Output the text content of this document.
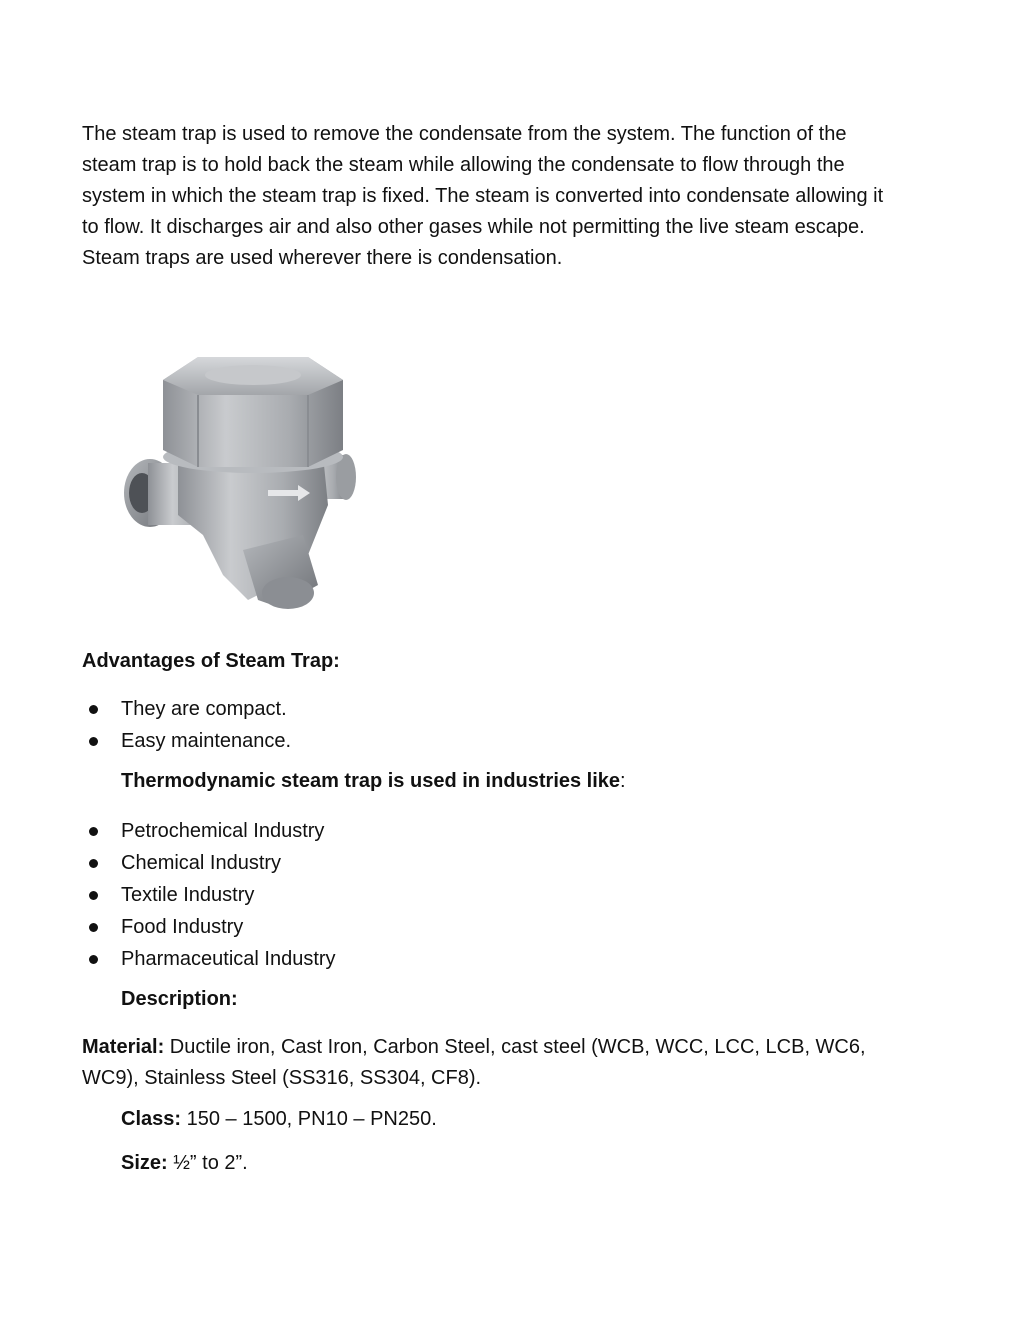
The steam trap is used to remove the condensate from the system. The function of the steam trap is to hold back the steam while allowing the condensate to flow through the system in which the steam trap is fixed. The steam is converted into condensate allowing it to flow. It discharges air and also other gases while not permitting the live steam escape. Steam traps are used wherever there is condensation.

Advantages of Steam Trap:

They are compact.
Easy maintenance.

Thermodynamic steam trap is used in industries like:

Petrochemical Industry
Chemical Industry
Textile Industry
Food Industry
Pharmaceutical Industry

Description:

Material: Ductile iron, Cast Iron, Carbon Steel, cast steel (WCB, WCC, LCC, LCB, WC6, WC9), Stainless Steel (SS316, SS304, CF8).

Class: 150 – 1500, PN10 – PN250.

Size: ½” to 2”.
